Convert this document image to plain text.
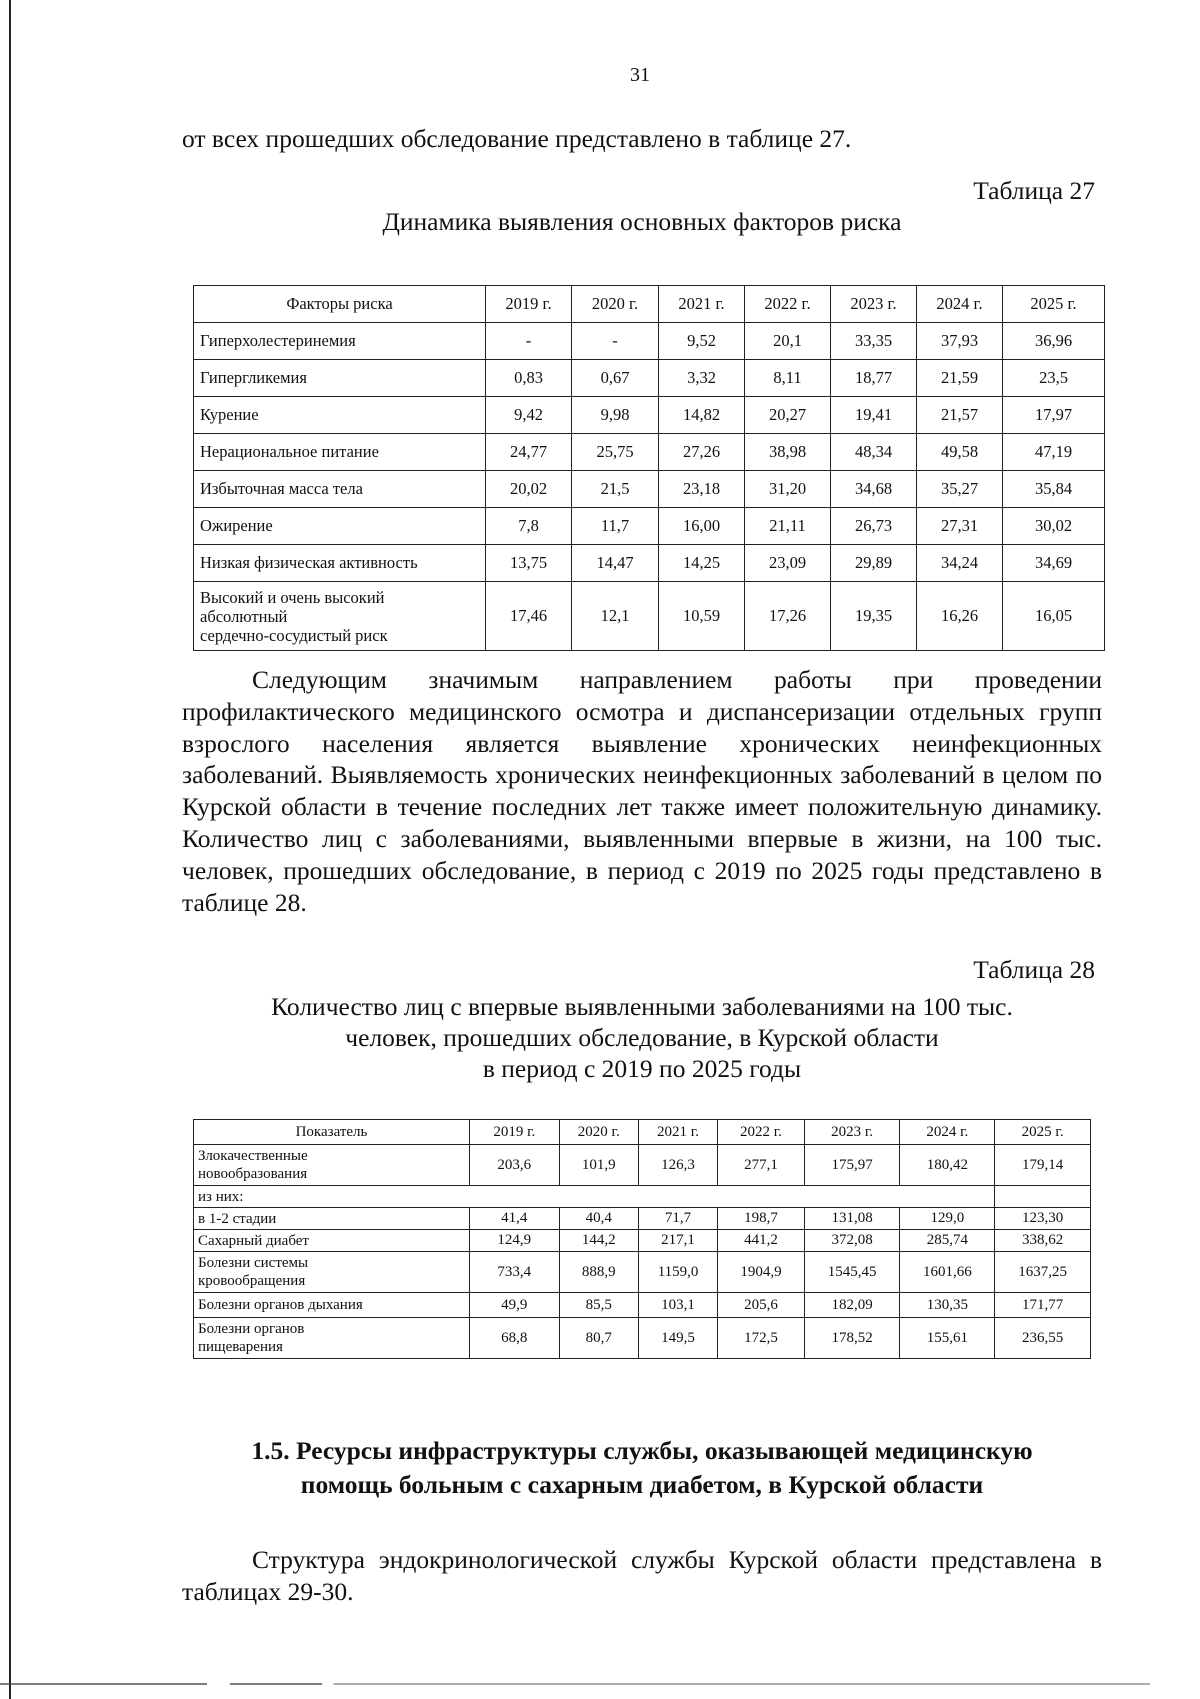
31

от всех прошедших обследование представлено в таблице 27.

Таблица 27
Динамика выявления основных факторов риска
Факторы риска	2019 г.	2020 г.	2021 г.	2022 г.	2023 г.	2024 г.	2025 г.
Гиперхолестеринемия	-	-	9,52	20,1	33,35	37,93	36,96
Гипергликемия	0,83	0,67	3,32	8,11	18,77	21,59	23,5
Курение	9,42	9,98	14,82	20,27	19,41	21,57	17,97
Нерациональное питание	24,77	25,75	27,26	38,98	48,34	49,58	47,19
Избыточная масса тела	20,02	21,5	23,18	31,20	34,68	35,27	35,84
Ожирение	7,8	11,7	16,00	21,11	26,73	27,31	30,02
Низкая физическая активность	13,75	14,47	14,25	23,09	29,89	34,24	34,69

Высокий и очень высокий
абсолютный
сердечно-сосудистый риск	17,46	12,1	10,59	17,26	19,35	16,26	16,05

Следующим значимым направлением работы при проведении профилактического медицинского осмотра и диспансеризации отдельных групп взрослого населения является выявление хронических неинфекционных заболеваний. Выявляемость хронических неинфекционных заболеваний в целом по Курской области в течение последних лет также имеет положительную динамику. Количество лиц с заболеваниями, выявленными впервые в жизни, на 100 тыс. человек, прошедших обследование, в период с 2019 по 2025 годы представлено в таблице 28.

Таблица 28
Количество лиц с впервые выявленными заболеваниями на 100 тыс.
человек, прошедших обследование, в Курской области
в период с 2019 по 2025 годы
Показатель	2019 г.	2020 г.	2021 г.	2022 г.	2023 г.	2024 г.	2025 г.

Злокачественные
новообразования	203,6	101,9	126,3	277,1	175,97	180,42	179,14
из них:							
в 1-2 стадии	41,4	40,4	71,7	198,7	131,08	129,0	123,30
Сахарный диабет	124,9	144,2	217,1	441,2	372,08	285,74	338,62

Болезни системы
кровообращения	733,4	888,9	1159,0	1904,9	1545,45	1601,66	1637,25
Болезни органов дыхания	49,9	85,5	103,1	205,6	182,09	130,35	171,77

Болезни органов
пищеварения	68,8	80,7	149,5	172,5	178,52	155,61	236,55
1.5. Ресурсы инфраструктуры службы, оказывающей медицинскую
помощь больным с сахарным диабетом, в Курской области

Структура эндокринологической службы Курской области представлена в таблицах 29-30.
